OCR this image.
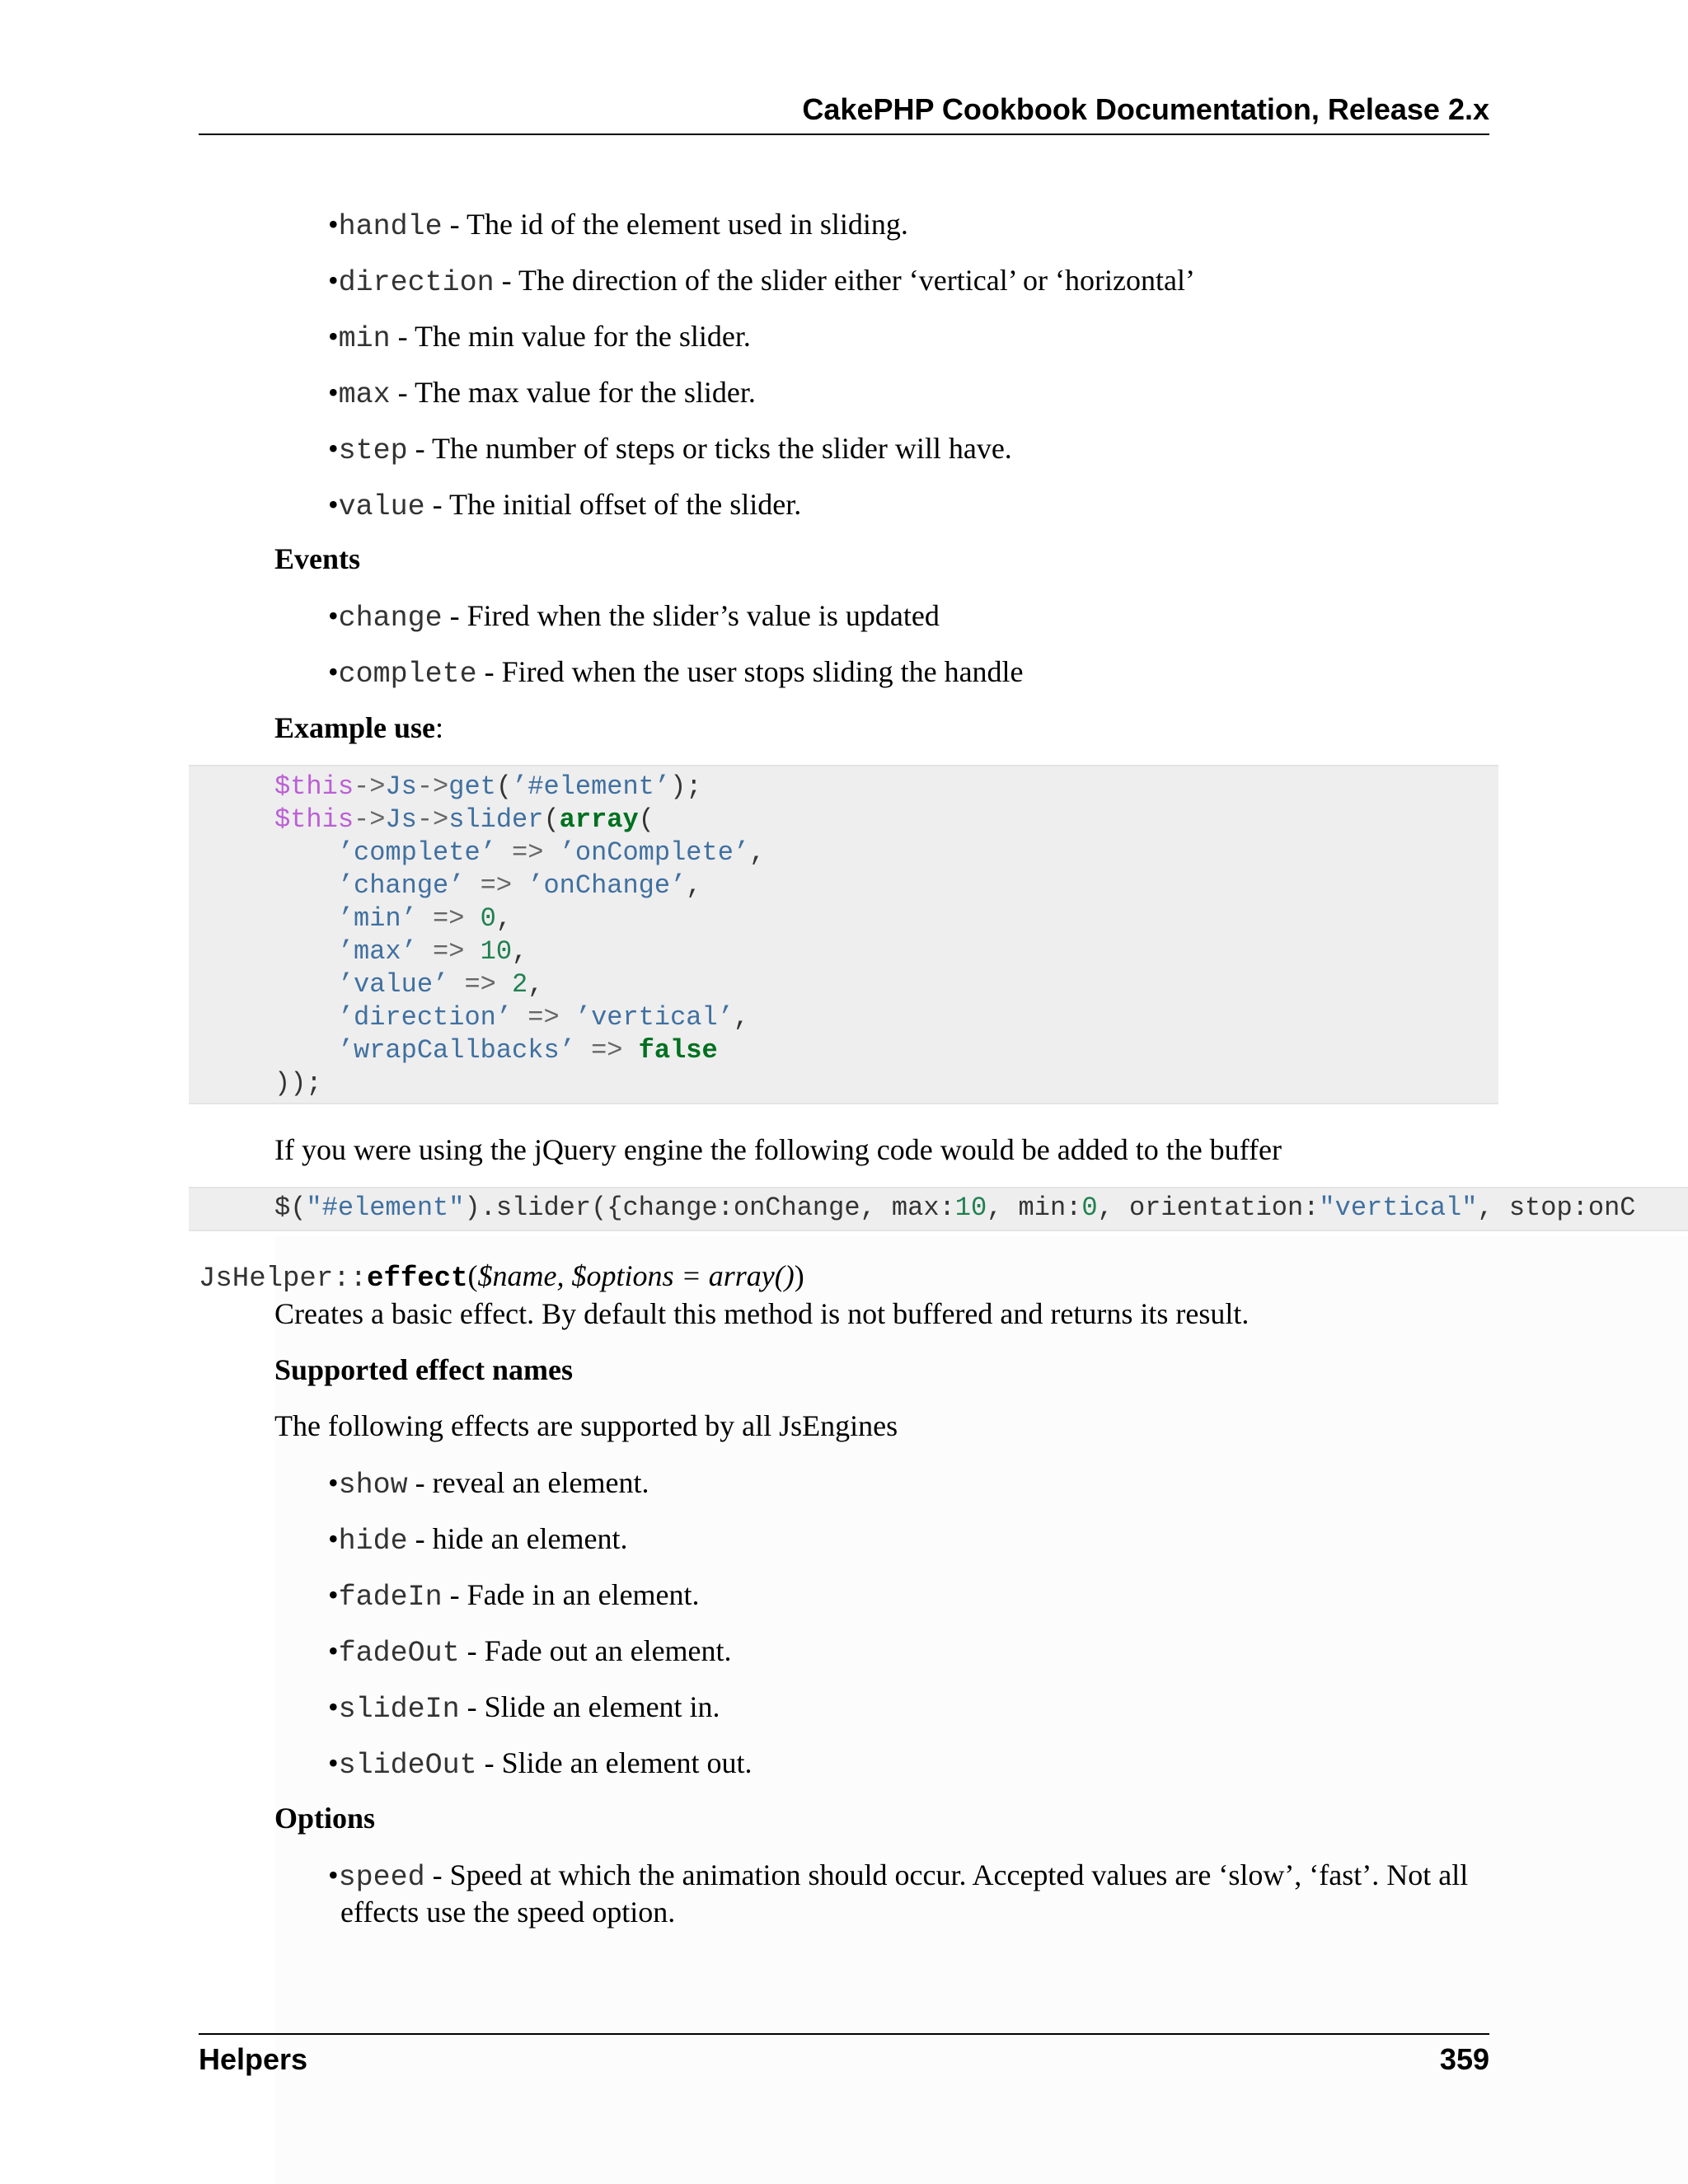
CakePHP Cookbook Documentation, Release 2.x
•handle - The id of the element used in sliding.
•direction - The direction of the slider either ‘vertical’ or ‘horizontal’
•min - The min value for the slider.
•max - The max value for the slider.
•step - The number of steps or ticks the slider will have.
•value - The initial offset of the slider.
Events
•change - Fired when the slider’s value is updated
•complete - Fired when the user stops sliding the handle
Example use:
$this->Js->get(’#element’);
$this->Js->slider(array(
’complete’ => ’onComplete’,
’change’ => ’onChange’,
’min’ => 0,
’max’ => 10,
’value’ => 2,
’direction’ => ’vertical’,
’wrapCallbacks’ => false
));
If you were using the jQuery engine the following code would be added to the buffer
$("#element").slider({change:onChange, max:10, min:0, orientation:"vertical", stop:onC
JsHelper::effect($name, $options = array())
Creates a basic effect. By default this method is not buffered and returns its result.
Supported effect names
The following effects are supported by all JsEngines
•show - reveal an element.
•hide - hide an element.
•fadeIn - Fade in an element.
•fadeOut - Fade out an element.
•slideIn - Slide an element in.
•slideOut - Slide an element out.
Options
•speed - Speed at which the animation should occur. Accepted values are ‘slow’, ‘fast’. Not all
effects use the speed option.
Helpers	359
